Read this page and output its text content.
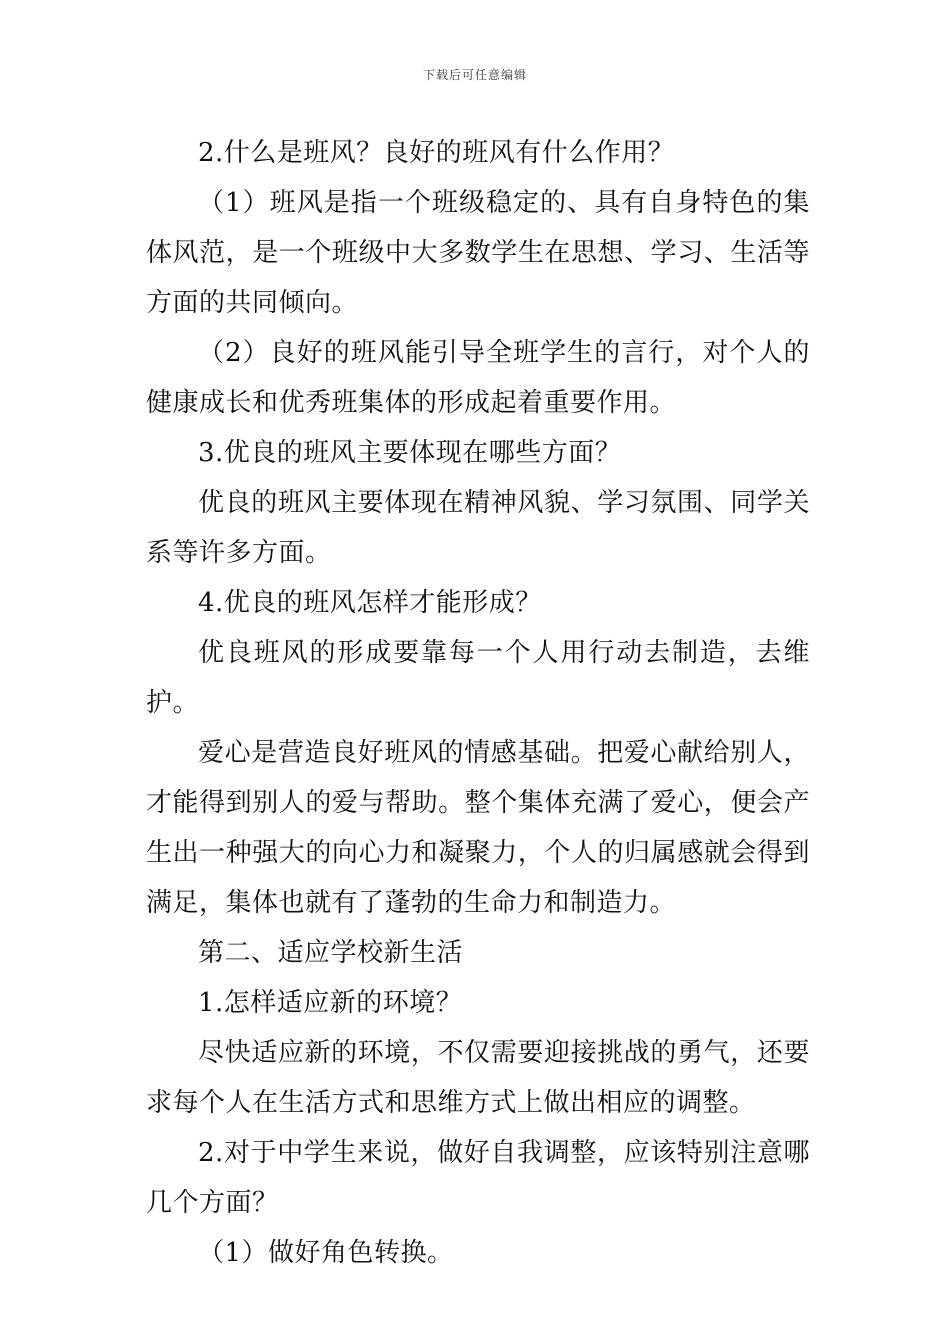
下载后可任意编辑

2.什么是班风？良好的班风有什么作用？

（1）班风是指一个班级稳定的、具有自身特色的集体风范，是一个班级中大多数学生在思想、学习、生活等方面的共同倾向。

（2）良好的班风能引导全班学生的言行，对个人的健康成长和优秀班集体的形成起着重要作用。

3.优良的班风主要体现在哪些方面？

优良的班风主要体现在精神风貌、学习氛围、同学关系等许多方面。

4.优良的班风怎样才能形成？

优良班风的形成要靠每一个人用行动去制造，去维护。

爱心是营造良好班风的情感基础。把爱心献给别人，才能得到别人的爱与帮助。整个集体充满了爱心，便会产生出一种强大的向心力和凝聚力，个人的归属感就会得到满足，集体也就有了蓬勃的生命力和制造力。

第二、适应学校新生活

1.怎样适应新的环境？

尽快适应新的环境，不仅需要迎接挑战的勇气，还要求每个人在生活方式和思维方式上做出相应的调整。

2.对于中学生来说，做好自我调整，应该特别注意哪几个方面？

（1）做好角色转换。
